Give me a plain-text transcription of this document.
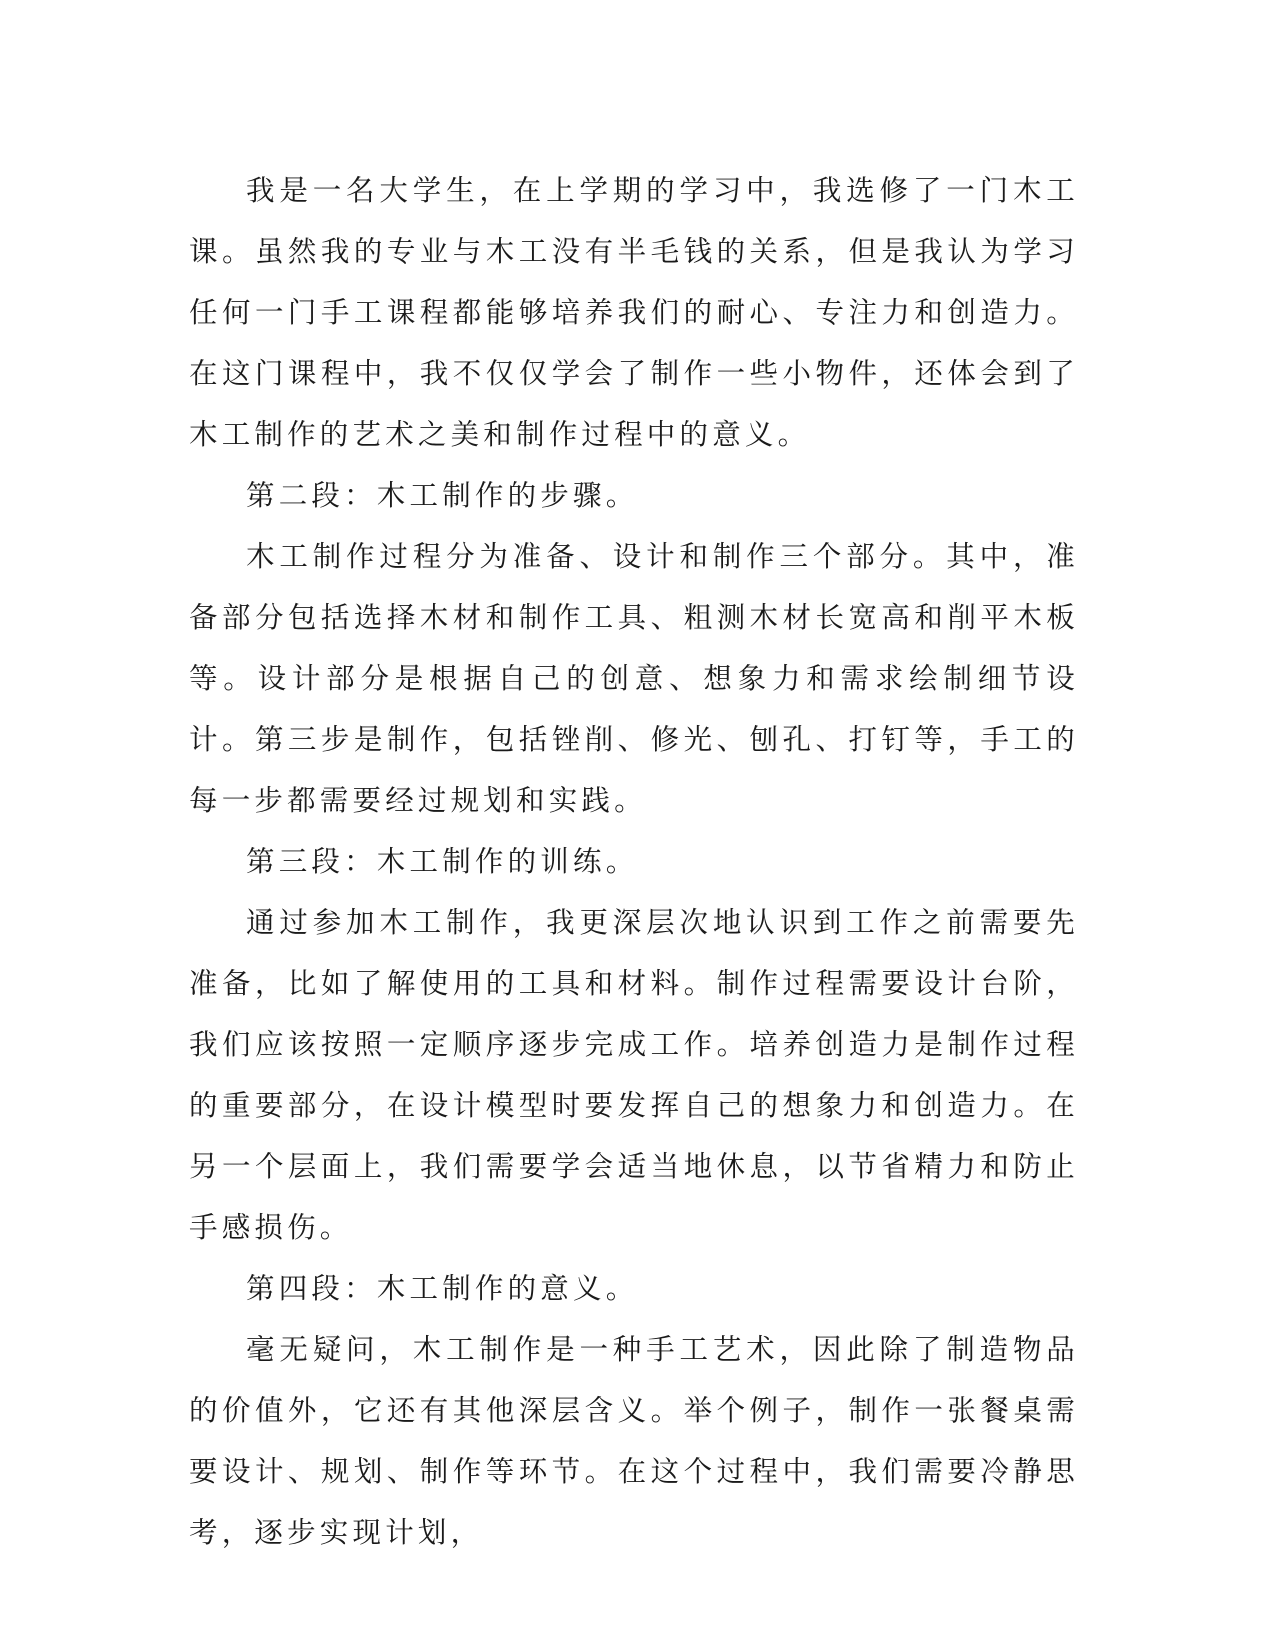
我是一名大学生，在上学期的学习中，我选修了一门木工课。虽然我的专业与木工没有半毛钱的关系，但是我认为学习任何一门手工课程都能够培养我们的耐心、专注力和创造力。在这门课程中，我不仅仅学会了制作一些小物件，还体会到了木工制作的艺术之美和制作过程中的意义。

第二段：木工制作的步骤。

木工制作过程分为准备、设计和制作三个部分。其中，准备部分包括选择木材和制作工具、粗测木材长宽高和削平木板等。设计部分是根据自己的创意、想象力和需求绘制细节设计。第三步是制作，包括锉削、修光、刨孔、打钉等，手工的每一步都需要经过规划和实践。

第三段：木工制作的训练。

通过参加木工制作，我更深层次地认识到工作之前需要先准备，比如了解使用的工具和材料。制作过程需要设计台阶，我们应该按照一定顺序逐步完成工作。培养创造力是制作过程的重要部分，在设计模型时要发挥自己的想象力和创造力。在另一个层面上，我们需要学会适当地休息，以节省精力和防止手感损伤。

第四段：木工制作的意义。

毫无疑问，木工制作是一种手工艺术，因此除了制造物品的价值外，它还有其他深层含义。举个例子，制作一张餐桌需要设计、规划、制作等环节。在这个过程中，我们需要冷静思考，逐步实现计划，
